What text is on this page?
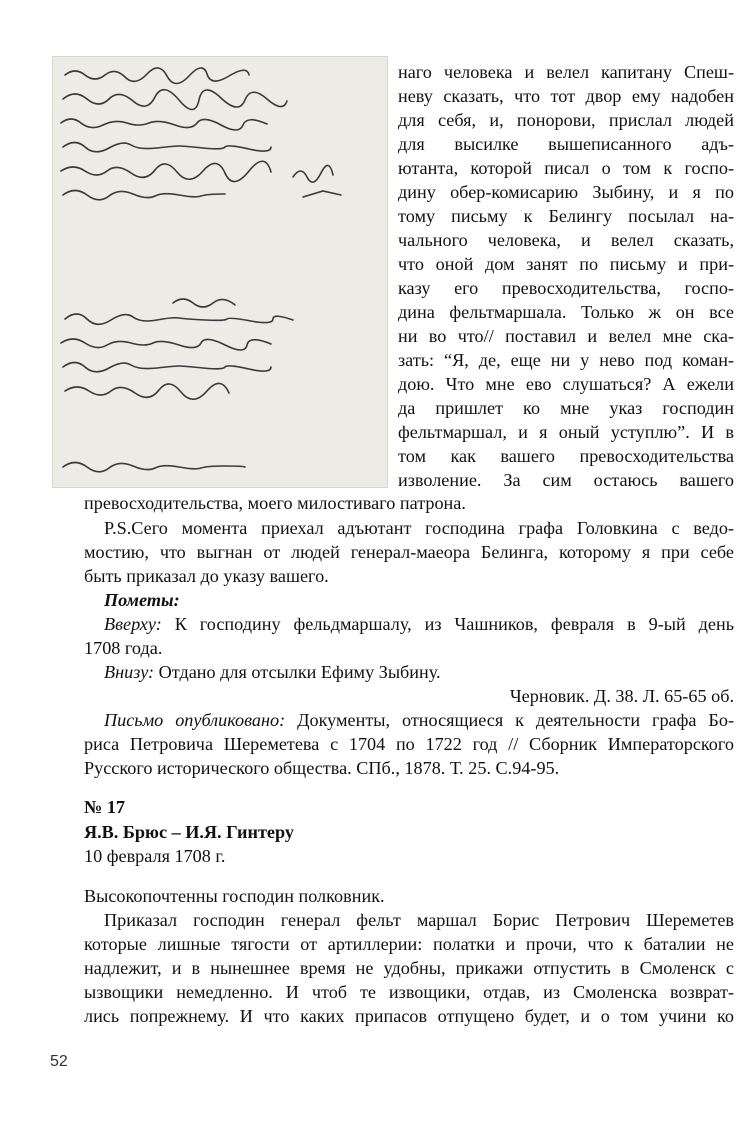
наго человека и велел капитану Спеш-
неву сказать, что тот двор ему надобен
для себя, и, понорови, прислал людей
для высилке вышеписанного адъ-
ютанта, которой писал о том к госпо-
дину обер-комисарию Зыбину, и я по
тому письму к Белингу посылал на-
чального человека, и велел сказать,
что оной дом занят по письму и при-
казу его превосходительства, госпо-
дина фельтмаршала. Только ж он все
ни во что// поставил и велел мне ска-
зать: “Я, де, еще ни у нево под коман-
дою. Что мне ево слушаться? А ежели
да пришлет ко мне указ господин
фельтмаршал, и я оный уступлю”. И в
том как вашего превосходительства
изволение. За сим остаюсь вашего
превосходительства, моего милостиваго патрона.
P.S.Сего момента приехал адъютант господина графа Головкина с ведо-
мостию, что выгнан от людей генерал-маеора Белинга, которому я при себе
быть приказал до указу вашего.
Пометы:
Вверху: К господину фельдмаршалу, из Чашников, февраля в 9-ый день
1708 года.
Внизу: Отдано для отсылки Ефиму Зыбину.
Черновик. Д. 38. Л. 65-65 об.
Письмо опубликовано: Документы, относящиеся к деятельности графа Бо-
риса Петровича Шереметева с 1704 по 1722 год // Сборник Императорского
Русского исторического общества. СПб., 1878. Т. 25. С.94-95.
№ 17
Я.В. Брюс – И.Я. Гинтеру
10 февраля 1708 г.
Высокопочтенны господин полковник.
Приказал господин генерал фельт маршал Борис Петрович Шереметев
которые лишные тягости от артиллерии: полатки и прочи, что к баталии не
надлежит, и в нынешнее время не удобны, прикажи отпустить в Смоленск с
ызвощики немедленно. И чтоб те извощики, отдав, из Смоленска возврат-
лись попрежнему. И что каких припасов отпущено будет, и о том учини ко
52
